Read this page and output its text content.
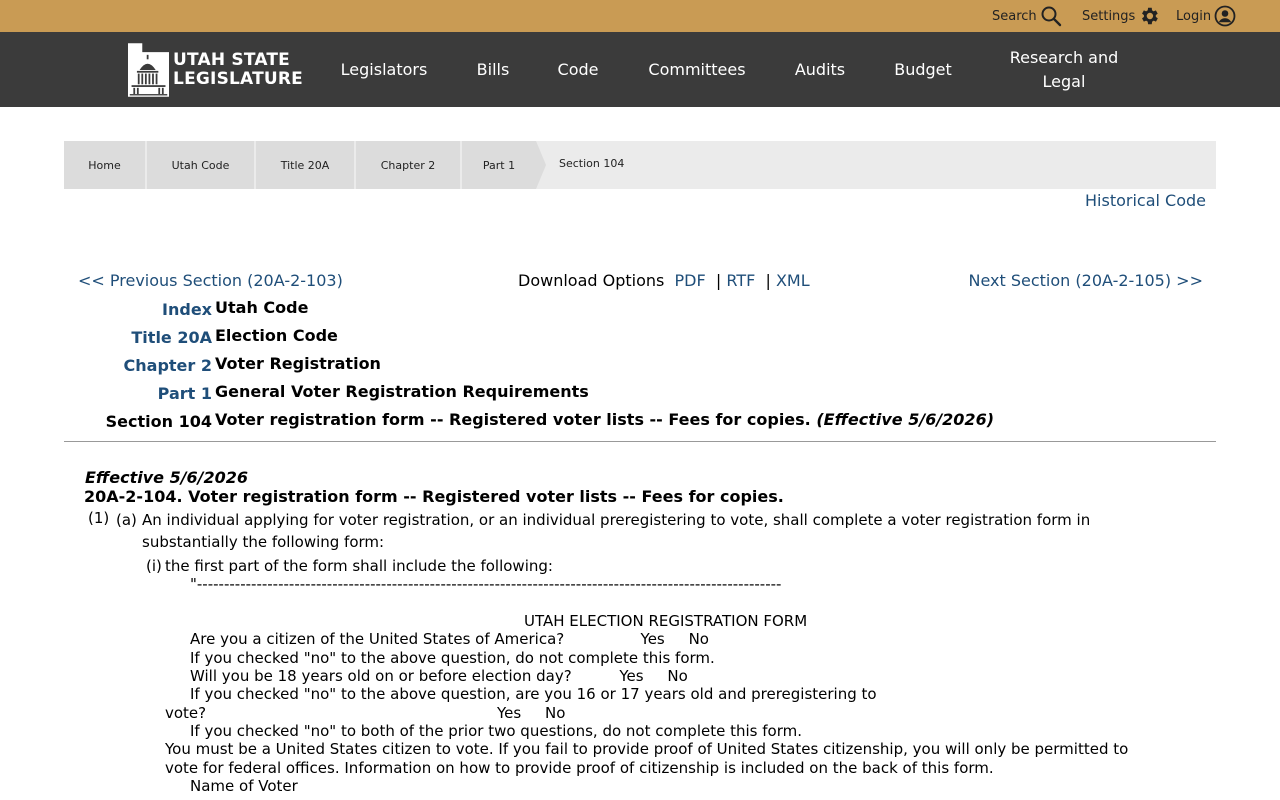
Search	Settings	Login
UTAH STATE
LEGISLATURE	Legislators	Bills	Code	Committees	Audits	Budget
Research and
Legal
Home	Utah Code	Title 20A	Chapter 2	Part 1	Section 104
Historical Code
<< Previous Section (20A-2-103)	Download Options
PDF | RTF | XML	Next Section (20A-2-105) >>
Index Utah Code
Title 20A Election Code
Chapter 2 Voter Registration
Part 1 General Voter Registration Requirements
Section 104 Voter registration form -- Registered voter lists -- Fees for copies. (Effective 5/6/2026)
Effective 5/6/2026
20A-2-104. Voter registration form -- Registered voter lists -- Fees for copies.
(1) (a) An individual applying for voter registration, or an individual preregistering to vote, shall complete a voter registration form in
substantially the following form:
(i) the first part of the form shall include the following:
"------------------------------------------------------------------------------------------------------------
UTAH ELECTION REGISTRATION FORM
Are you a citizen of the United States of America?                Yes     No
If you checked "no" to the above question, do not complete this form.
Will you be 18 years old on or before election day?          Yes     No
If you checked "no" to the above question, are you 16 or 17 years old and preregistering to
vote?                                                             Yes     No
If you checked "no" to both of the prior two questions, do not complete this form.
You must be a United States citizen to vote. If you fail to provide proof of United States citizenship, you will only be permitted to
vote for federal offices. Information on how to provide proof of citizenship is included on the back of this form.
Name of Voter
